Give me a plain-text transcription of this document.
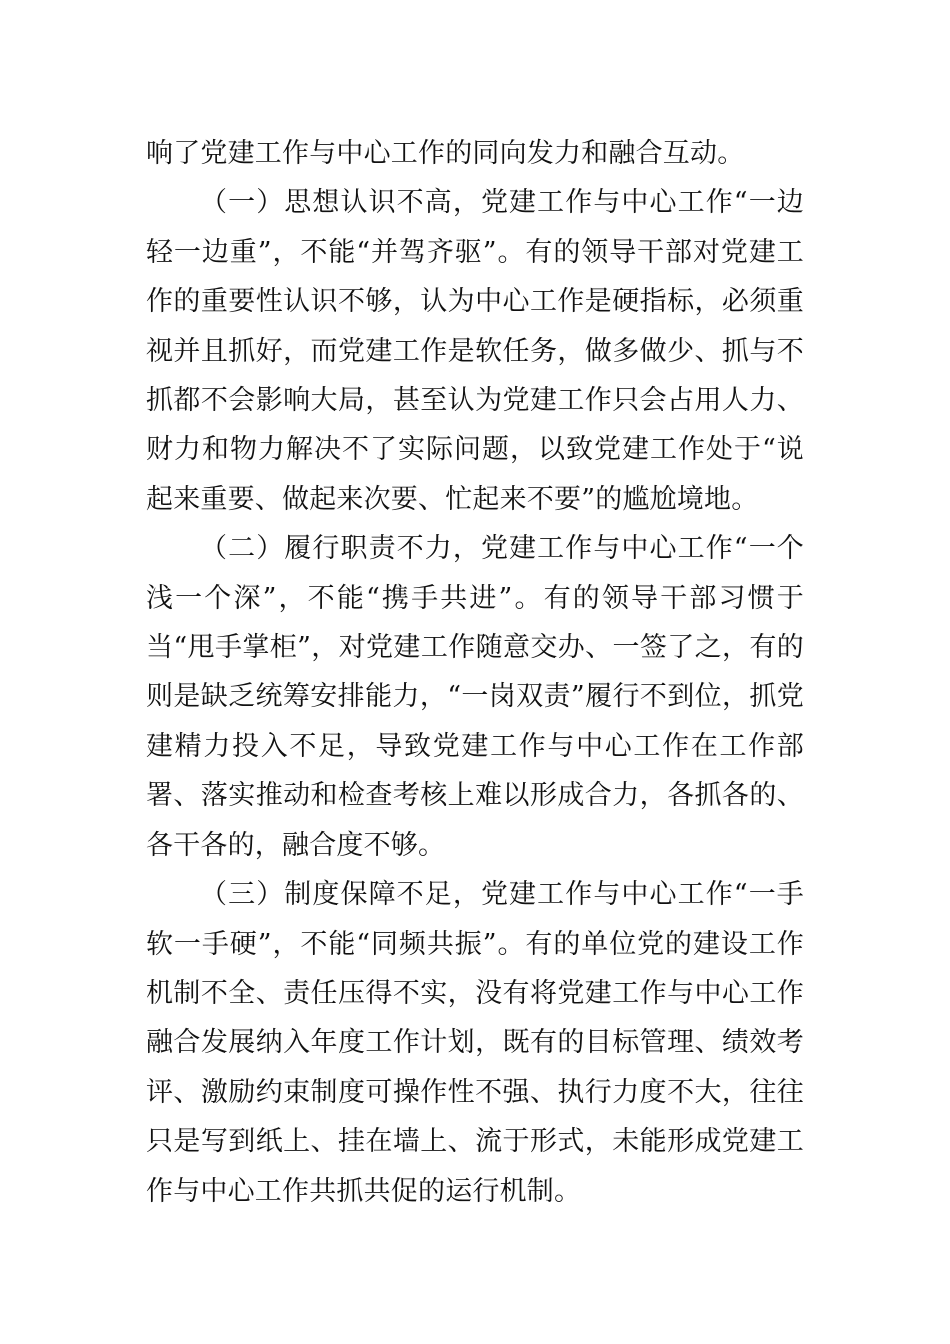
响了党建工作与中心工作的同向发力和融合互动。

（一）思想认识不高，党建工作与中心工作“一边轻一边重”，不能“并驾齐驱”。有的领导干部对党建工作的重要性认识不够，认为中心工作是硬指标，必须重视并且抓好，而党建工作是软任务，做多做少、抓与不抓都不会影响大局，甚至认为党建工作只会占用人力、财力和物力解决不了实际问题，以致党建工作处于“说起来重要、做起来次要、忙起来不要”的尴尬境地。

（二）履行职责不力，党建工作与中心工作“一个浅一个深”，不能“携手共进”。有的领导干部习惯于当“甩手掌柜”，对党建工作随意交办、一签了之，有的则是缺乏统筹安排能力，“一岗双责”履行不到位，抓党建精力投入不足，导致党建工作与中心工作在工作部署、落实推动和检查考核上难以形成合力，各抓各的、各干各的，融合度不够。

（三）制度保障不足，党建工作与中心工作“一手软一手硬”，不能“同频共振”。有的单位党的建设工作机制不全、责任压得不实，没有将党建工作与中心工作融合发展纳入年度工作计划，既有的目标管理、绩效考评、激励约束制度可操作性不强、执行力度不大，往往只是写到纸上、挂在墙上、流于形式，未能形成党建工作与中心工作共抓共促的运行机制。
